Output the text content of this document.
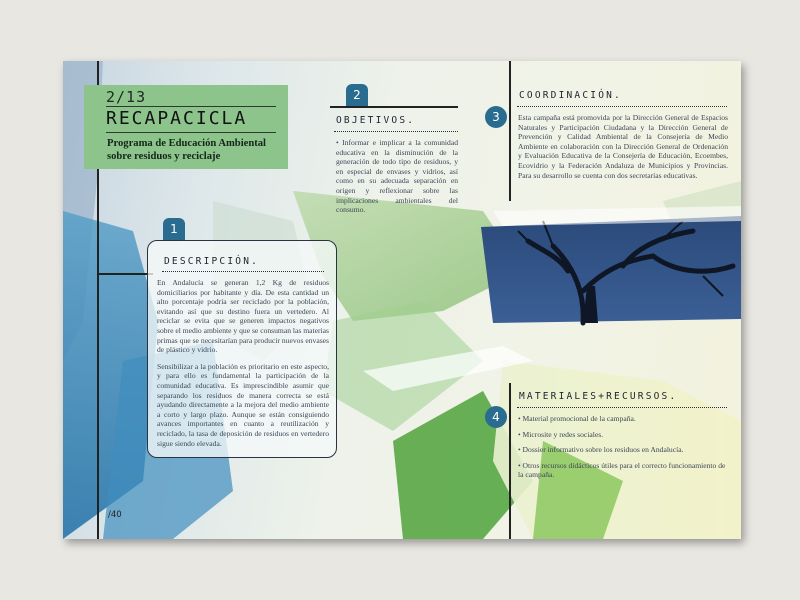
2/13
RECAPACICLA
Programa de Educación Ambiental sobre residuos y reciclaje
1
DESCRIPCIÓN.

En Andalucía se generan 1,2 Kg de residuos domiciliarios por habitante y día. De esta cantidad un alto porcentaje podría ser reciclado por la población, evitando así que su destino fuera un vertedero. Al reciclar se evita que se generen impactos negativos sobre el medio ambiente y que se consuman las materias primas que se necesitarían para producir nuevos envases de plástico y vidrio.

Sensibilizar a la población es prioritario en este aspecto, y para ello es fundamental la participación de la comunidad educativa. Es imprescindible asumir que separando los residuos de manera correcta se está ayudando directamente a la mejora del medio ambiente a corto y largo plazo. Aunque se están consiguiendo avances importantes en cuanto a reutilización y reciclado, la tasa de deposición de residuos en vertedero sigue siendo elevada.

2
OBJETIVOS.

• Informar e implicar a la comunidad educativa en la disminución de la generación de todo tipo de residuos, y en especial de envases y vidrios, así como en su adecuada separación en origen y reflexionar sobre las implicaciones ambientales del consumo.

3
COORDINACIÓN.

Esta campaña está promovida por la Dirección General de Espacios Naturales y Participación Ciudadana y la Dirección General de Prevención y Calidad Ambiental de la Consejería de Medio Ambiente en colaboración con la Dirección General de Ordenación y Evaluación Educativa de la Consejería de Educación, Ecoembes, Ecovidrio y la Federación Andaluza de Municipios y Provincias. Para su desarrollo se cuenta con dos secretarías educativas.

4
MATERIALES+RECURSOS.
• Material promocional de la campaña.
• Microsite y redes sociales.
• Dossier informativo sobre los residuos en Andalucía.
• Otros recursos didácticos útiles para el correcto funcionamiento de la campaña.
/40
